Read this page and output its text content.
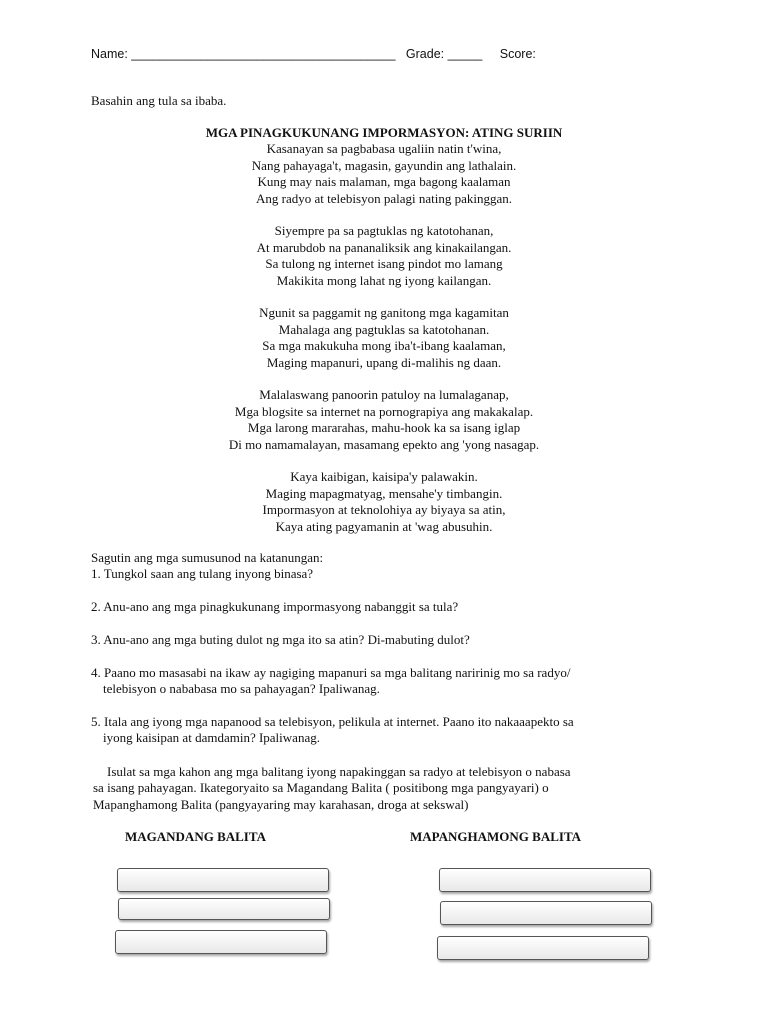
Name: ______________________________________ Grade: _____ Score:
Basahin ang tula sa ibaba.
MGA PINAGKUKUNANG IMPORMASYON: ATING SURIIN
Kasanayan sa pagbabasa ugaliin natin t'wina,
Nang pahayaga't, magasin, gayundin ang lathalain.
Kung may nais malaman, mga bagong kaalaman
Ang radyo at telebisyon palagi nating pakinggan.
Siyempre pa sa pagtuklas ng katotohanan,
At marubdob na pananaliksik ang kinakailangan.
Sa tulong ng internet isang pindot mo lamang
Makikita mong lahat ng iyong kailangan.
Ngunit sa paggamit ng ganitong mga kagamitan
Mahalaga ang pagtuklas sa katotohanan.
Sa mga makukuha mong iba't-ibang kaalaman,
Maging mapanuri, upang di-malihis ng daan.
Malalaswang panoorin patuloy na lumalaganap,
Mga blogsite sa internet na pornograpiya ang makakalap.
Mga larong mararahas, mahu-hook ka sa isang iglap
Di mo namamalayan, masamang epekto ang 'yong nasagap.
Kaya kaibigan, kaisipa'y palawakin.
Maging mapagmatyag, mensahe'y timbangin.
Impormasyon at teknolohiya ay biyaya sa atin,
Kaya ating pagyamanin at 'wag abusuhin.
Sagutin ang mga sumusunod na katanungan:
1. Tungkol saan ang tulang inyong binasa?
2. Anu-ano ang mga pinagkukunang impormasyong nabanggit sa tula?
3. Anu-ano ang mga buting dulot ng mga ito sa atin? Di-mabuting dulot?
4. Paano mo masasabi na ikaw ay nagiging mapanuri sa mga balitang naririnig mo sa radyo/
telebisyon o nababasa mo sa pahayagan? Ipaliwanag.
5. Itala ang iyong mga napanood sa telebisyon, pelikula at internet. Paano ito nakaaapekto sa
iyong kaisipan at damdamin? Ipaliwanag.
Isulat sa mga kahon ang mga balitang iyong napakinggan sa radyo at telebisyon o nabasa
sa isang pahayagan. Ikategoryaito sa Magandang Balita ( positibong mga pangyayari) o
Mapanghamong Balita (pangyayaring may karahasan, droga at sekswal)
MAGANDANG BALITA	MAPANGHAMONG BALITA
